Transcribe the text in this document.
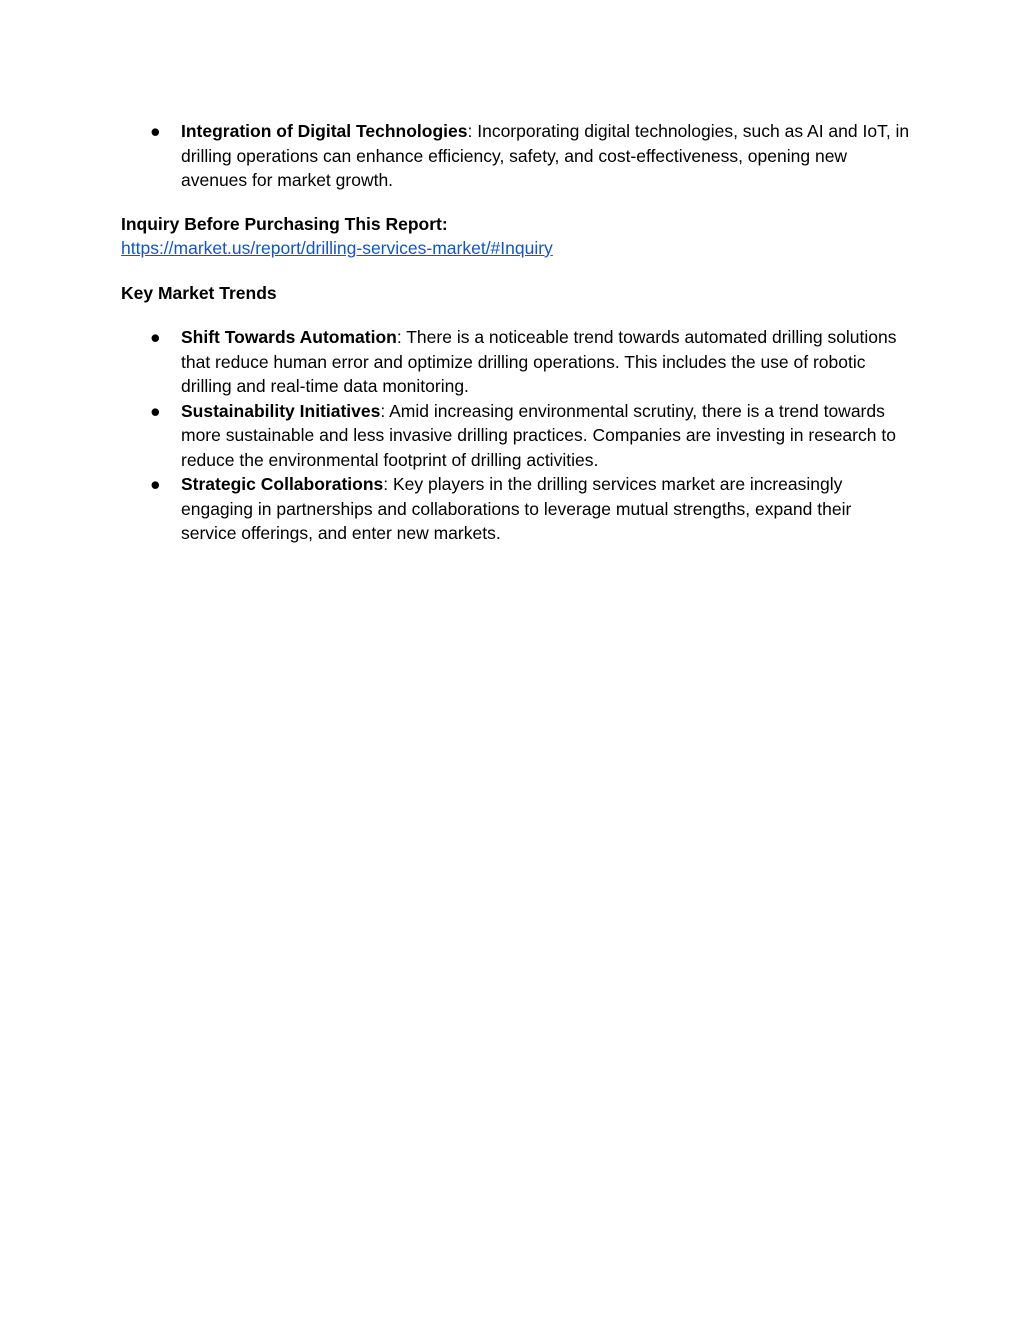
● Integration of Digital Technologies: Incorporating digital technologies, such as AI and IoT, in drilling operations can enhance efficiency, safety, and cost-effectiveness, opening new avenues for market growth.

Inquiry Before Purchasing This Report:

https://market.us/report/drilling-services-market/#Inquiry

Key Market Trends

● Shift Towards Automation: There is a noticeable trend towards automated drilling solutions that reduce human error and optimize drilling operations. This includes the use of robotic drilling and real-time data monitoring.
● Sustainability Initiatives: Amid increasing environmental scrutiny, there is a trend towards more sustainable and less invasive drilling practices. Companies are investing in research to reduce the environmental footprint of drilling activities.
● Strategic Collaborations: Key players in the drilling services market are increasingly engaging in partnerships and collaborations to leverage mutual strengths, expand their service offerings, and enter new markets.
